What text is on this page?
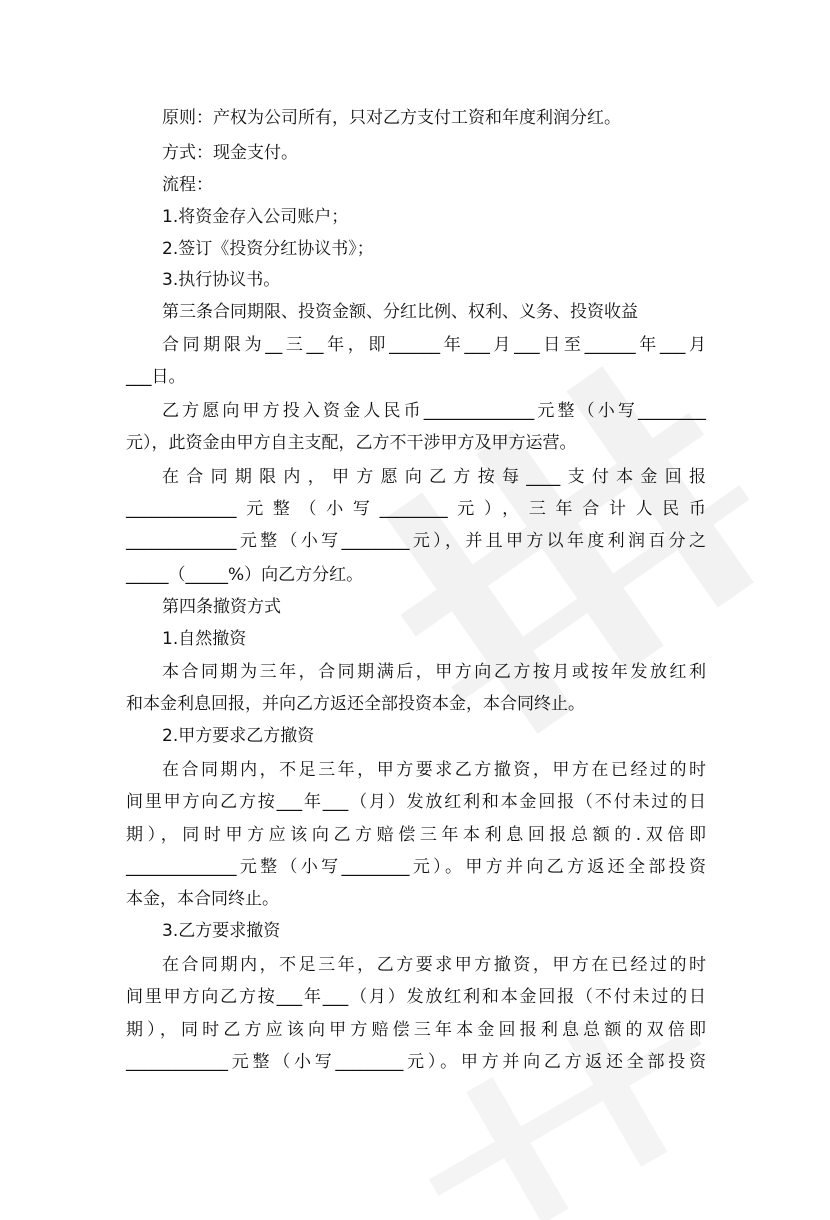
原则：产权为公司所有，只对乙方支付工资和年度利润分红。
方式：现金支付。
流程：
1.将资金存入公司账户；
2.签订《投资分红协议书》；
3.执行协议书。
第三条合同期限、投资金额、分红比例、权利、义务、投资收益
合同期限为__三__年，即______年___月___日至______年___月
___日。
乙方愿向甲方投入资金人民币_____________元整（小写________
元），此资金由甲方自主支配，乙方不干涉甲方及甲方运营。
在合同期限内，甲方愿向乙方按每____支付本金回报
_____________元整（小写________元），三年合计人民币
_____________元整（小写________元），并且甲方以年度利润百分之
_____（_____%）向乙方分红。
第四条撤资方式
1.自然撤资
本合同期为三年，合同期满后，甲方向乙方按月或按年发放红利
和本金利息回报，并向乙方返还全部投资本金，本合同终止。
2.甲方要求乙方撤资
在合同期内，不足三年，甲方要求乙方撤资，甲方在已经过的时
间里甲方向乙方按___年___（月）发放红利和本金回报（不付未过的日
期），同时甲方应该向乙方赔偿三年本利息回报总额的.双倍即
_____________元整（小写________元）。甲方并向乙方返还全部投资
本金，本合同终止。
3.乙方要求撤资
在合同期内，不足三年，乙方要求甲方撤资，甲方在已经过的时
间里甲方向乙方按___年___（月）发放红利和本金回报（不付未过的日
期），同时乙方应该向甲方赔偿三年本金回报利息总额的双倍即
____________元整（小写________元）。甲方并向乙方返还全部投资
